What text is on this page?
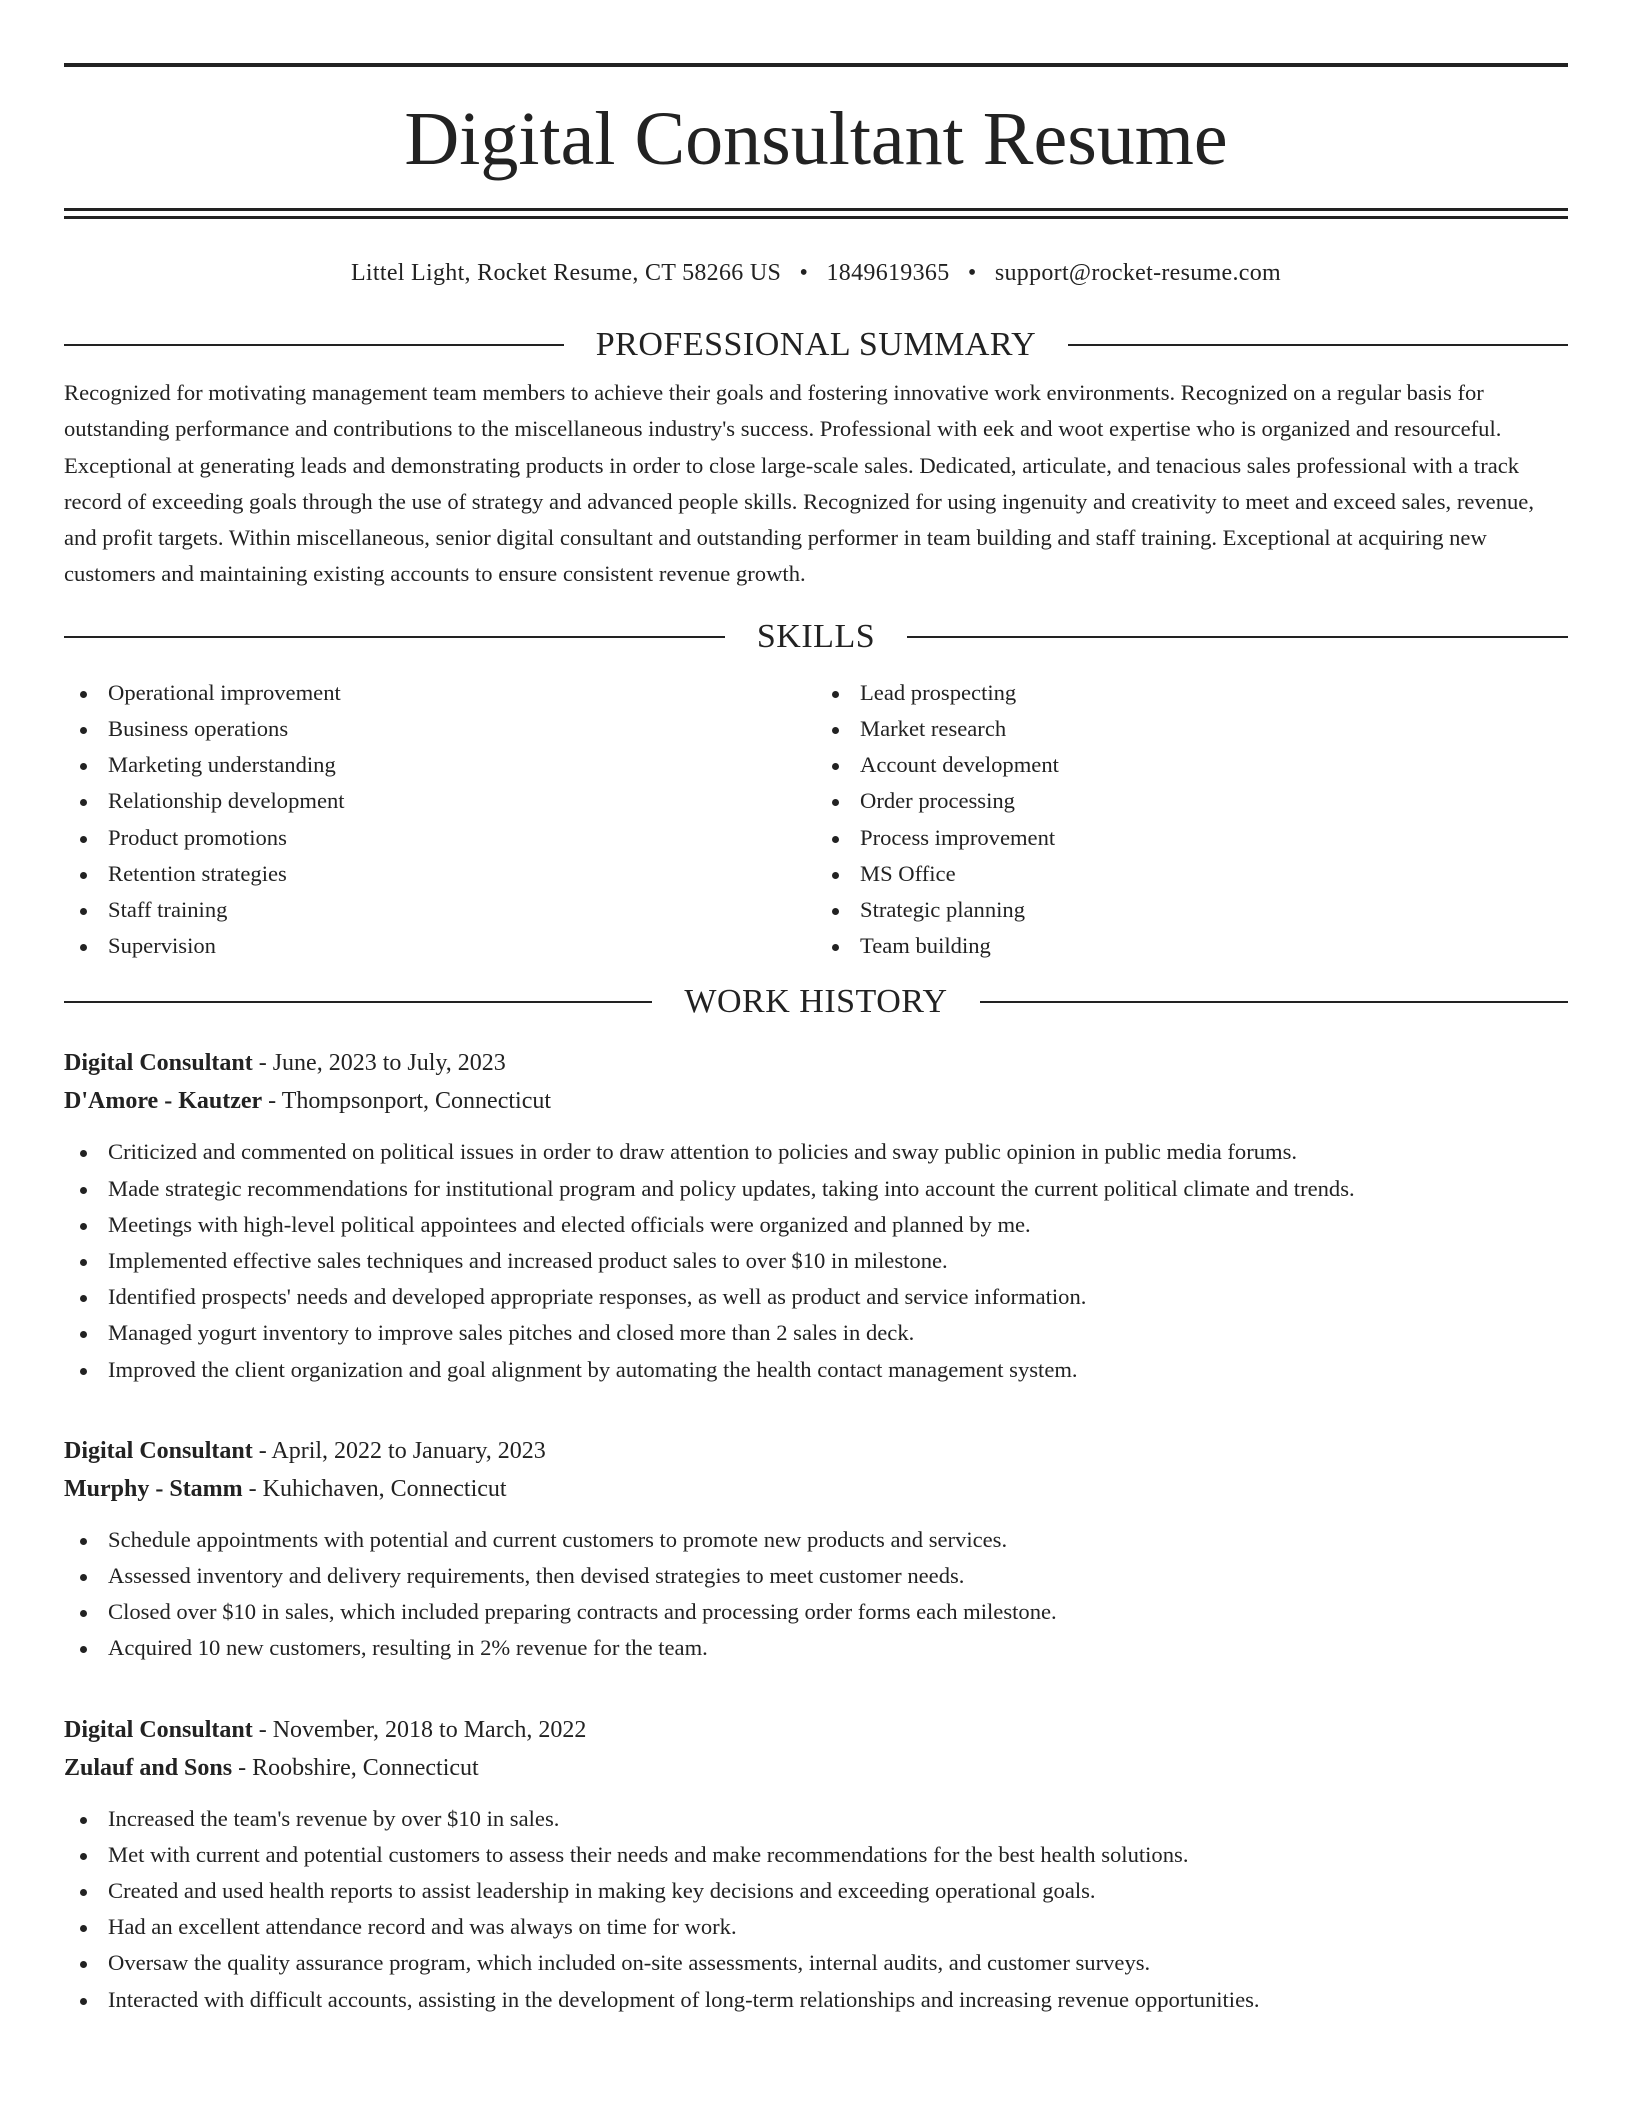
Digital Consultant Resume
Littel Light, Rocket Resume, CT 58266 US • 1849619365 • support@rocket-resume.com
PROFESSIONAL SUMMARY

Recognized for motivating management team members to achieve their goals and fostering innovative work environments. Recognized on a regular basis for outstanding performance and contributions to the miscellaneous industry's success. Professional with eek and woot expertise who is organized and resourceful. Exceptional at generating leads and demonstrating products in order to close large-scale sales. Dedicated, articulate, and tenacious sales professional with a track record of exceeding goals through the use of strategy and advanced people skills. Recognized for using ingenuity and creativity to meet and exceed sales, revenue, and profit targets. Within miscellaneous, senior digital consultant and outstanding performer in team building and staff training. Exceptional at acquiring new customers and maintaining existing accounts to ensure consistent revenue growth.

SKILLS
Operational improvement
Business operations
Marketing understanding
Relationship development
Product promotions
Retention strategies
Staff training
Supervision
Lead prospecting
Market research
Account development
Order processing
Process improvement
MS Office
Strategic planning
Team building
WORK HISTORY
Digital Consultant - June, 2023 to July, 2023
D'Amore - Kautzer - Thompsonport, Connecticut
Criticized and commented on political issues in order to draw attention to policies and sway public opinion in public media forums.
Made strategic recommendations for institutional program and policy updates, taking into account the current political climate and trends.
Meetings with high-level political appointees and elected officials were organized and planned by me.
Implemented effective sales techniques and increased product sales to over $10 in milestone.
Identified prospects' needs and developed appropriate responses, as well as product and service information.
Managed yogurt inventory to improve sales pitches and closed more than 2 sales in deck.
Improved the client organization and goal alignment by automating the health contact management system.
Digital Consultant - April, 2022 to January, 2023
Murphy - Stamm - Kuhichaven, Connecticut
Schedule appointments with potential and current customers to promote new products and services.
Assessed inventory and delivery requirements, then devised strategies to meet customer needs.
Closed over $10 in sales, which included preparing contracts and processing order forms each milestone.
Acquired 10 new customers, resulting in 2% revenue for the team.
Digital Consultant - November, 2018 to March, 2022
Zulauf and Sons - Roobshire, Connecticut
Increased the team's revenue by over $10 in sales.
Met with current and potential customers to assess their needs and make recommendations for the best health solutions.
Created and used health reports to assist leadership in making key decisions and exceeding operational goals.
Had an excellent attendance record and was always on time for work.
Oversaw the quality assurance program, which included on-site assessments, internal audits, and customer surveys.
Interacted with difficult accounts, assisting in the development of long-term relationships and increasing revenue opportunities.
